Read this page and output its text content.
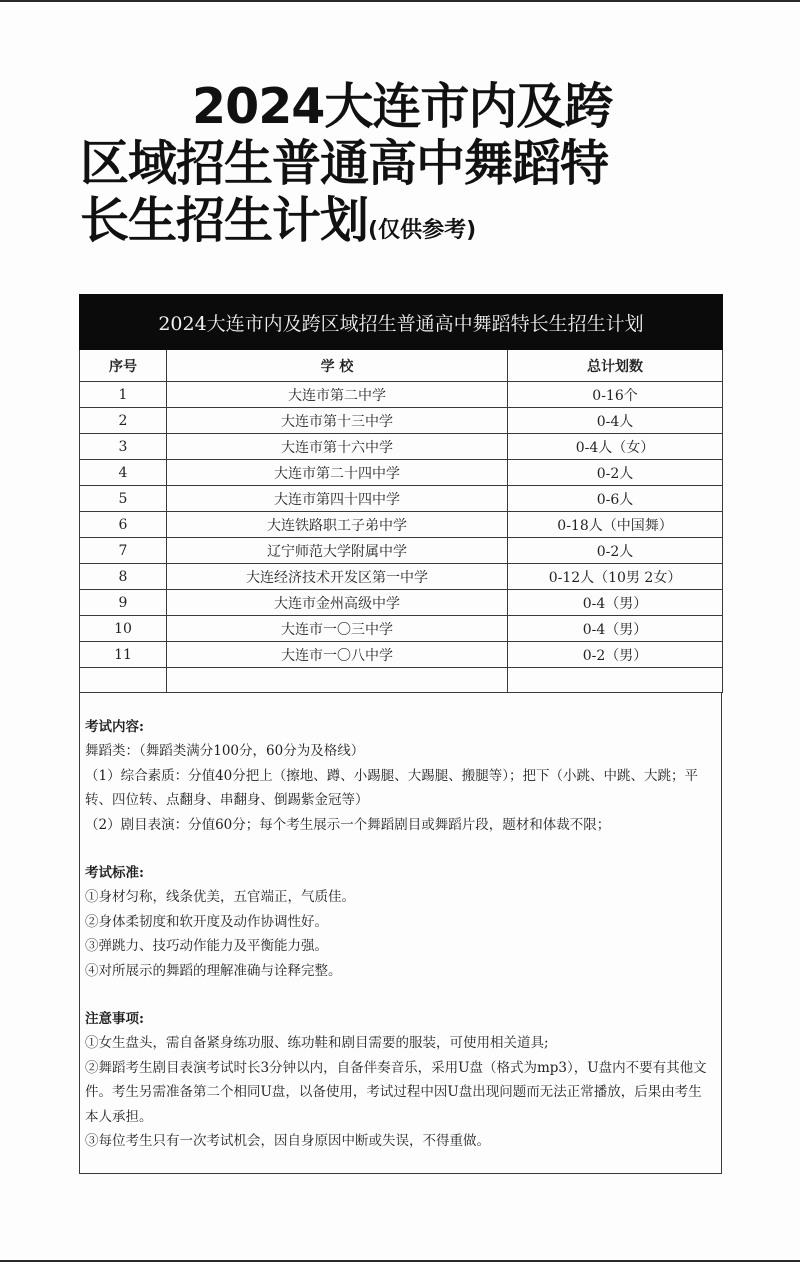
2024大连市内及跨
区域招生普通高中舞蹈特
长生招生计划(仅供参考)
2024大连市内及跨区域招生普通高中舞蹈特长生招生计划		
序号	学 校	总计划数
1	大连市第二中学	0-16个
2	大连市第十三中学	0-4人
3	大连市第十六中学	0-4人（女）
4	大连市第二十四中学	0-2人
5	大连市第四十四中学	0-6人
6	大连铁路职工子弟中学	0-18人（中国舞）
7	辽宁师范大学附属中学	0-2人
8	大连经济技术开发区第一中学	0-12人（10男 2女）
9	大连市金州高级中学	0-4（男）
10	大连市一〇三中学	0-4（男）
11	大连市一〇八中学	0-2（男）

考试内容:

舞蹈类：（舞蹈类满分100分，60分为及格线）

（1）综合素质：分值40分把上（擦地、蹲、小踢腿、大踢腿、搬腿等）；把下（小跳、中跳、大跳；平转、四位转、点翻身、串翻身、倒踢紫金冠等）

（2）剧目表演：分值60分；每个考生展示一个舞蹈剧目或舞蹈片段，题材和体裁不限；

考试标准:

①身材匀称，线条优美，五官端正，气质佳。

②身体柔韧度和软开度及动作协调性好。

③弹跳力、技巧动作能力及平衡能力强。

④对所展示的舞蹈的理解准确与诠释完整。

注意事项:

①女生盘头，需自备紧身练功服、练功鞋和剧目需要的服装，可使用相关道具;

②舞蹈考生剧目表演考试时长3分钟以内，自备伴奏音乐，采用U盘（格式为mp3），U盘内不要有其他文件。考生另需准备第二个相同U盘，以备使用，考试过程中因U盘出现问题而无法正常播放，后果由考生本人承担。

③每位考生只有一次考试机会，因自身原因中断或失误，不得重做。
